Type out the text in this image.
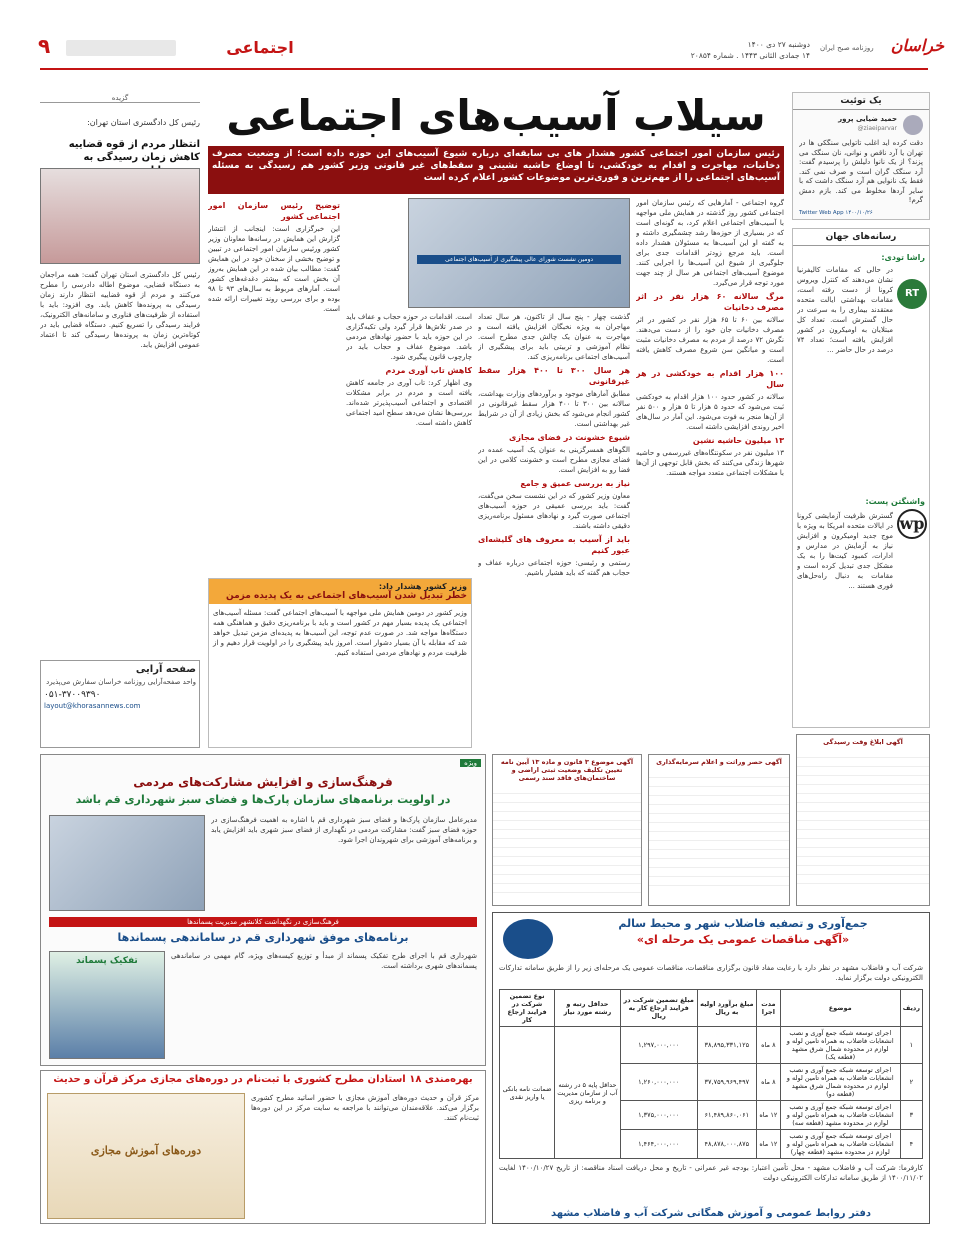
۹	اجتماعی	دوشنبه ۲۷ دی ۱۴۰۰
۱۴ جمادی الثانی ۱۴۴۳ . شماره ۲۰۸۵۴
روزنامه صبح ایران	خراسان
یک توئیت
حمید ضیایی پرور
@ziaeiparvar
دقت کرده اید اغلب تاتوایی سنگکی ها در تهران یا آرد ناقص و نوانی، نان سنگک می پزند؟ از یک نانوا دلیلش را پرسیدم گفت: آرد سنگک گران است و صرف نمی کند. فقط یک نانوایی هم آرد سنگک داشت که با سایر آردها مخلوط می کند. بازم دمش گرم!
Twitter Web App ۱۴۰۰/۱۰/۲۶
رسانه‌های جهان
RT
راشا تودی:
در حالی که مقامات کالیفرنیا نشان می‌دهند که کنترل ویروس کرونا از دست رفته است، مقامات بهداشتی ایالت متحده معتقدند بیماری را به سرعت در حال گسترش است. تعداد کل مبتلایان به اومیکرون در کشور افزایش یافته است؛ تعداد ۷۴ درصد در حال حاضر ...
wp
واشنگتن پست:
گسترش ظرفیت آزمایشی کرونا در ایالات متحده امریکا به ویژه با موج جدید اومیکرون و افزایش نیاز به آزمایش در مدارس و ادارات، کمبود کیت‌ها را به یک مشکل جدی تبدیل کرده است و مقامات به دنبال راه‌حل‌های فوری هستند ...
سیلاب آسیب‌های اجتماعی
رئیس سازمان امور اجتماعی کشور هشدار های بی سابقه‌ای درباره شیوع آسیب‌های این حوزه داده است؛ از وضعیت مصرف دخانیات، مهاجرت و اقدام به خودکشی، تا اوضاع حاشیه نشینی و سقط‌های غیر قانونی وزیر کشور هم رسیدگی به مسئله آسیب‌های اجتماعی را از مهم‌ترین و فوری‌ترین موضوعات کشور اعلام کرده است
دومین نشست شورای عالی پیشگیری از آسیب‌های اجتماعی

گروه اجتماعی - آمارهایی که رئیس سازمان امور اجتماعی کشور روز گذشته در همایش ملی مواجهه با آسیب‌های اجتماعی اعلام کرد، به گونه‌ای است که در بسیاری از حوزه‌ها رشد چشمگیری داشته و به گفته او این آسیب‌ها به مسئولان هشدار داده است. باید مرجع زودتر اقدامات جدی برای جلوگیری از شیوع این آسیب‌ها را اجرایی کنند. موضوع آسیب‌های اجتماعی هر سال از چند جهت مورد توجه قرار می‌گیرد.

مرگ سالانه ۶۰ هزار نفر در اثر مصرف دخانیات

سالانه بین ۶۰ تا ۶۵ هزار نفر در کشور در اثر مصرف دخانیات جان خود را از دست می‌دهند. نگرش ۷۲ درصد از مردم به مصرف دخانیات مثبت است و میانگین سن شروع مصرف کاهش یافته است.

۱۰۰ هزار اقدام به خودکشی در هر سال

سالانه در کشور حدود ۱۰۰ هزار اقدام به خودکشی ثبت می‌شود که حدود ۵ هزار تا ۵ هزار و ۵۰۰ نفر از آن‌ها منجر به فوت می‌شود. این آمار در سال‌های اخیر روندی افزایشی داشته است.

۱۳ میلیون حاشیه نشین

۱۳ میلیون نفر در سکونتگاه‌های غیررسمی و حاشیه شهرها زندگی می‌کنند که بخش قابل توجهی از آن‌ها با مشکلات اجتماعی متعدد مواجه هستند.

گذشت چهار - پنج سال از تاکنون، هر سال تعداد مهاجران به ویژه نخبگان افزایش یافته است و مهاجرت به عنوان یک چالش جدی مطرح است. نظام آموزشی و تربیتی باید برای پیشگیری از آسیب‌های اجتماعی برنامه‌ریزی کند.

هر سال ۳۰۰ تا ۴۰۰ هزار سقط غیرقانونی

مطابق آمارهای موجود و برآوردهای وزارت بهداشت، سالانه بین ۳۰۰ تا ۴۰۰ هزار سقط غیرقانونی در کشور انجام می‌شود که بخش زیادی از آن در شرایط غیر بهداشتی است.

شیوع خشونت در فضای مجازی

الگوهای همسرگزینی به عنوان یک آسیب عمده در فضای مجازی مطرح است و خشونت کلامی در این فضا رو به افزایش است.

نیاز به بررسی عمیق و جامع

معاون وزیر کشور که در این نشست سخن می‌گفت، گفت: باید بررسی عمیقی در حوزه آسیب‌های اجتماعی صورت گیرد و نهادهای مسئول برنامه‌ریزی دقیقی داشته باشند.

باید از آسیب به معروف های گلیشه‌ای عبور کنیم

رستمی و رئیسی: حوزه اجتماعی درباره عفاف و حجاب هم گفته که باید هشیار باشیم.

است. اقدامات در حوزه حجاب و عفاف باید در صدر تلاش‌ها قرار گیرد ولی تکیه‌گزاری در این حوزه باید با حضور نهادهای مردمی باشد. موضوع عفاف و حجاب باید در چارچوب قانون پیگیری شود.

کاهش تاب آوری مردم

وی اظهار کرد: تاب آوری در جامعه کاهش یافته است و مردم در برابر مشکلات اقتصادی و اجتماعی آسیب‌پذیرتر شده‌اند. بررسی‌ها نشان می‌دهد سطح امید اجتماعی کاهش داشته است.

توضیح رئیس سازمان امور اجتماعی کشور

این خبرگزاری است: اینجانب از انتشار گزارش این همایش در رسانه‌ها معاونان وزیر کشور ورئیس سازمان امور اجتماعی در تبیین و توضیح بخشی از سخنان خود در این همایش گفت: مطالب بیان شده در این همایش به‌روز آن بخش است که بیشتر دغدغه‌های کشور است. آمارهای مربوط به سال‌های ۹۳ تا ۹۸ بوده و برای بررسی روند تغییرات ارائه شده است.

وزیر کشور هشدار داد:
خطر تبدیل شدن آسیب‌های اجتماعی به یک پدیده مزمن
وزیر کشور در دومین همایش ملی مواجهه با آسیب‌های اجتماعی گفت: مسئله آسیب‌های اجتماعی یک پدیده بسیار مهم در کشور است و باید با برنامه‌ریزی دقیق و هماهنگی همه دستگاه‌ها مواجه شد. در صورت عدم توجه، این آسیب‌ها به پدیده‌ای مزمن تبدیل خواهد شد که مقابله با آن بسیار دشوار است. امروز باید پیشگیری را در اولویت قرار دهیم و از ظرفیت مردم و نهادهای مردمی استفاده کنیم.
گزیده
رئیس کل دادگستری استان تهران:
انتظار مردم از قوه قضاییه کاهش زمان رسیدگی به
رئیس کل دادگستری استان تهران گفت: همه مراجعان به دستگاه قضایی، موضوع اطاله دادرسی را مطرح می‌کنند و مردم از قوه قضاییه انتظار دارند زمان رسیدگی به پرونده‌ها کاهش یابد. وی افزود: باید با استفاده از ظرفیت‌های فناوری و سامانه‌های الکترونیک، فرایند رسیدگی را تسریع کنیم. دستگاه قضایی باید در کوتاه‌ترین زمان به پرونده‌ها رسیدگی کند تا اعتماد عمومی افزایش یابد.
صفحه آرایی
واحد صفحه‌آرایی روزنامه خراسان سفارش می‌پذیرد
۰۵۱-۳۷۰۰۹۳۹۰
layout@khorasannews.com
ویژه
فرهنگ‌سازی و افزایش مشارکت‌های مردمی
در اولویت برنامه‌های سازمان پارک‌ها و فضای سبز شهرداری قم باشد
مدیرعامل سازمان پارک‌ها و فضای سبز شهرداری قم با اشاره به اهمیت فرهنگ‌سازی در حوزه فضای سبز گفت: مشارکت مردمی در نگهداری از فضای سبز شهری باید افزایش یابد و برنامه‌های آموزشی برای شهروندان اجرا شود.
فرهنگ‌سازی در نگهداشت کلانشهر مدیریت پسماندها
برنامه‌های موفق شهرداری قم در ساماندهی پسماندها
شهرداری قم با اجرای طرح تفکیک پسماند از مبدأ و توزیع کیسه‌های ویژه، گام مهمی در ساماندهی پسماندهای شهری برداشته است.
تفکیک پسماند
بهره‌مندی ۱۸ استادان مطرح کشوری با ثبت‌نام در دوره‌های مجازی مرکز قرآن و حدیث
مرکز قرآن و حدیث دوره‌های آموزش مجازی با حضور اساتید مطرح کشوری برگزار می‌کند. علاقه‌مندان می‌توانند با مراجعه به سایت مرکز در این دوره‌ها ثبت‌نام کنند.
دوره‌های آموزش مجازی
آگهی موضوع ۳ قانون و ماده ۱۳ آیین نامه تعیین تکلیف وضعیت ثبتی اراضی و ساختمان‌های فاقد سند رسمی
آگهی حصر وراثت و اعلام سرمایه‌گذاری
آگهی ابلاغ وقت رسیدگی
جمع‌آوری و تصفیه فاضلاب شهر و محیط سالم
«آگهی مناقصات عمومی یک مرحله ای»
شرکت آب و فاضلاب مشهد در نظر دارد با رعایت مفاد قانون برگزاری مناقصات، مناقصات عمومی یک مرحله‌ای زیر را از طریق سامانه تدارکات الکترونیکی دولت برگزار نماید.
ردیف	موضوع	مدت اجرا	مبلغ برآورد اولیه به ریال	مبلغ تضمین شرکت در فرایند ارجاع کار به ریال	حداقل رتبه و رشته مورد نیاز	نوع تضمین شرکت در فرایند ارجاع کار
۱	اجرای توسعه شبکه جمع آوری و نصب انشعابات فاضلاب به همراه تامین لوله و لوازم در محدوده شمال شرق مشهد (قطعه یک)	۸ ماه	۳۸,۸۹۵,۳۳۱,۱۲۵	۱,۲۹۷,۰۰۰,۰۰۰	حداقل پایه ۵ در رشته آب از سازمان مدیریت و برنامه ریزی	ضمانت نامه بانکی یا واریز نقدی
۲	اجرای توسعه شبکه جمع آوری و نصب انشعابات فاضلاب به همراه تامین لوله و لوازم در محدوده شمال شرق مشهد (قطعه دو)	۸ ماه	۳۷,۷۵۹,۹۶۹,۴۹۷	۱,۲۶۰,۰۰۰,۰۰۰		
۳	اجرای توسعه شبکه جمع آوری و نصب انشعابات فاضلاب به همراه تامین لوله و لوازم در محدوده مشهد (قطعه سه)	۱۲ ماه	۶۱,۴۸۹,۸۶۰,۰۶۱	۱,۳۷۵,۰۰۰,۰۰۰		
۴	اجرای توسعه شبکه جمع آوری و نصب انشعابات فاضلاب به همراه تامین لوله و لوازم در محدوده مشهد (قطعه چهار)	۱۲ ماه	۴۸,۸۷۸,۰۰۰,۸۷۵	۱,۴۶۴,۰۰۰,۰۰۰		
کارفرما: شرکت آب و فاضلاب مشهد - محل تأمین اعتبار: بودجه غیر عمرانی - تاریخ و محل دریافت اسناد مناقصه: از تاریخ ۱۴۰۰/۱۰/۲۷ لغایت ۱۴۰۰/۱۱/۰۲ از طریق سامانه تدارکات الکترونیکی دولت
دفتر روابط عمومی و آموزش همگانی شرکت آب و فاضلاب مشهد
